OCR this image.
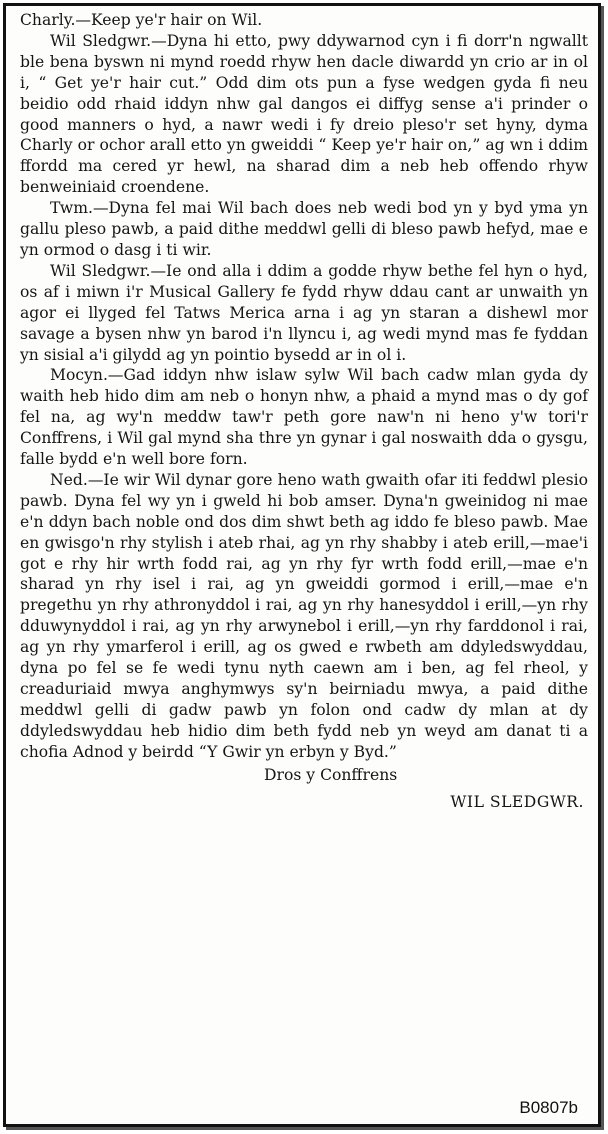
Charly.—Keep ye'r hair on Wil.

Wil Sledgwr.—Dyna hi etto, pwy ddywarnod cyn i fi dorr'n ngwallt ble bena byswn ni mynd roedd rhyw hen dacle diwardd yn crio ar in ol i, “ Get ye'r hair cut.” Odd dim ots pun a fyse wedgen gyda fi neu beidio odd rhaid iddyn nhw gal dangos ei diffyg sense a'i prinder o good manners o hyd, a nawr wedi i fy dreio pleso'r set hyny, dyma Charly or ochor arall etto yn gweiddi “ Keep ye'r hair on,” ag wn i ddim ffordd ma cered yr hewl, na sharad dim a neb heb offendo rhyw benweiniaid croendene.

Twm.—Dyna fel mai Wil bach does neb wedi bod yn y byd yma yn gallu pleso pawb, a paid dithe meddwl gelli di bleso pawb hefyd, mae e yn ormod o dasg i ti wir.

Wil Sledgwr.—Ie ond alla i ddim a godde rhyw bethe fel hyn o hyd, os af i miwn i'r Musical Gallery fe fydd rhyw ddau cant ar unwaith yn agor ei llyged fel Tatws Merica arna i ag yn staran a dishewl mor savage a bysen nhw yn barod i'n llyncu i, ag wedi mynd mas fe fyddan yn sisial a'i gilydd ag yn pointio bysedd ar in ol i.

Mocyn.—Gad iddyn nhw islaw sylw Wil bach cadw mlan gyda dy waith heb hido dim am neb o honyn nhw, a phaid a mynd mas o dy gof fel na, ag wy'n meddw taw'r peth gore naw'n ni heno y'w tori'r Conffrens, i Wil gal mynd sha thre yn gynar i gal noswaith dda o gysgu, falle bydd e'n well bore forn.

Ned.—Ie wir Wil dynar gore heno wath gwaith ofar iti feddwl plesio pawb. Dyna fel wy yn i gweld hi bob amser. Dyna'n gweinidog ni mae e'n ddyn bach noble ond dos dim shwt beth ag iddo fe bleso pawb. Mae en gwisgo'n rhy stylish i ateb rhai, ag yn rhy shabby i ateb erill,—mae'i got e rhy hir wrth fodd rai, ag yn rhy fyr wrth fodd erill,—mae e'n sharad yn rhy isel i rai, ag yn gweiddi gormod i erill,—mae e'n pregethu yn rhy athronyddol i rai, ag yn rhy hanesyddol i erill,—yn rhy dduwynyddol i rai, ag yn rhy arwynebol i erill,—yn rhy farddonol i rai, ag yn rhy ymarferol i erill, ag os gwed e rwbeth am ddyledswyddau, dyna po fel se fe wedi tynu nyth caewn am i ben, ag fel rheol, y creaduriaid mwya anghymwys sy'n beirniadu mwya, a paid dithe meddwl gelli di gadw pawb yn folon ond cadw dy mlan at dy ddyledswyddau heb hidio dim beth fydd neb yn weyd am danat ti a chofia Adnod y beirdd “Y Gwir yn erbyn y Byd.”

Dros y Conffrens

WIL SLEDGWR.

B0807b
